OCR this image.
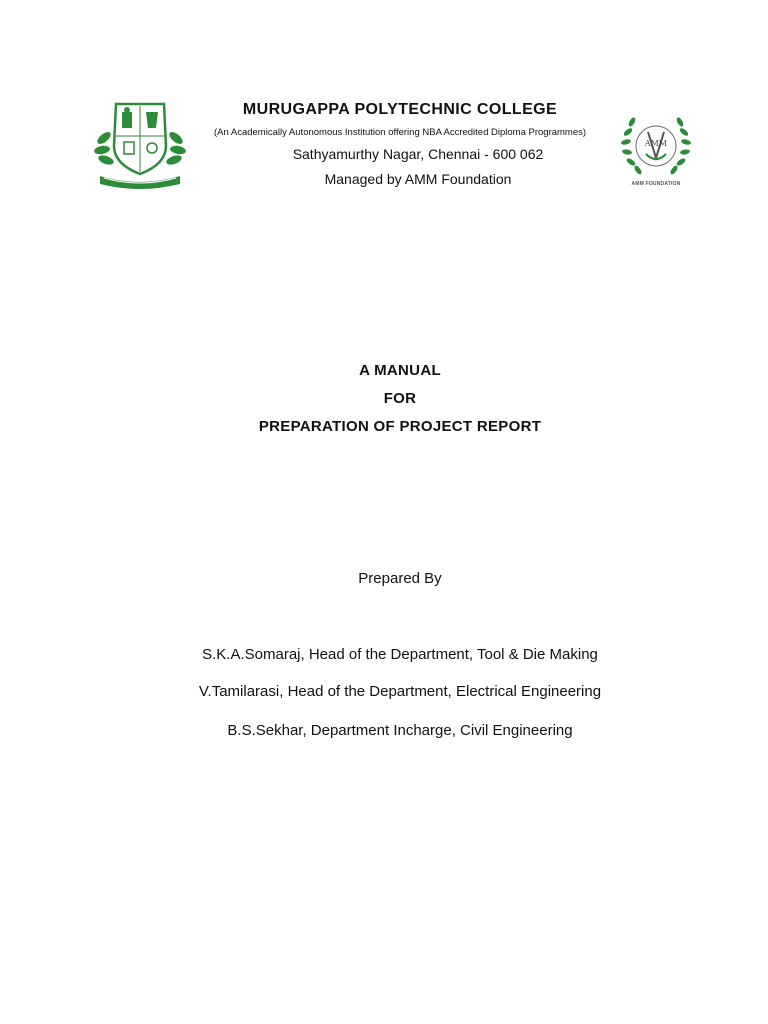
MURUGAPPA POLYTECHNIC COLLEGE
(An Academically Autonomous Institution offering NBA Accredited Diploma Programmes)
Sathyamurthy Nagar, Chennai - 600 062
Managed by AMM Foundation
AMM
AMM FOUNDATION
A MANUAL
FOR
PREPARATION OF PROJECT REPORT
Prepared By
S.K.A.Somaraj, Head of the Department, Tool & Die Making
V.Tamilarasi, Head of the Department, Electrical Engineering
B.S.Sekhar, Department Incharge, Civil Engineering
